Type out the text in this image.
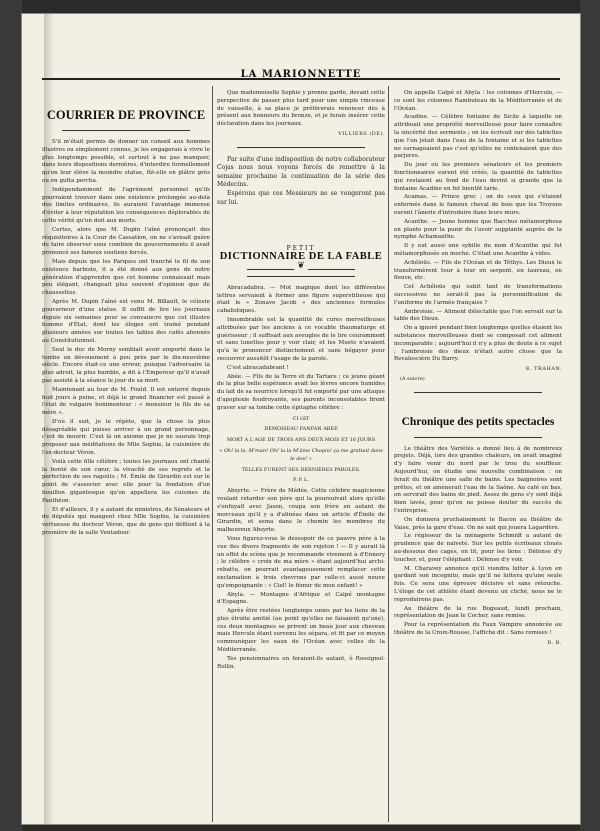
LA MARIONNETTE
COURRIER DE PROVINCE

S'il m'était permis de donner un conseil aux hommes illustres ou simplement connus, je les engagerais à vivre le plus longtemps possible, et surtout à ne pas manquer, dans leurs dispositions dernières, d'interdire formellement qu'on leur élève la moindre statue, fût-elle en plâtre grès ou en gutta percha.

Indépendamment de l'agrément personnel qu'ils pourraient trouver dans une existence prolongée au-delà des limites ordinaires, ils auraient l'avantage immense d'éviter à leur réputation les conséquences déplorables de cette vérité qu'on doit aux morts.

Certes, alors que M. Dupin l'aîné prononçait des réquisitoires à la Cour de Cassation, on ne s'avisait guère de faire observer sous combien de gouvernements il avait prononcé ses fameux soutiens forcés.

Mais depuis que les Parques ont tranché le fil de son existence barbiste, il a été donné aux gens de notre génération d'apprendre que cet homme connaissait mais peu élégant, changeait plus souvent d'opinion que de chaussettes.

Après M. Dupin l'aîné est venu M. Billault, le céleste gouverneur d'une statue. Il suffit de lire les journaux depuis six semaines pour se convaincre que cet illustre homme d'État, dont les éloges ont trainé pendant plusieurs années sur toutes les tables des cafés abonnés au Constitutionnel.

Seul le duc de Morny semblait avoir emporté dans la tombe un dévouement à peu près par le dix-neuvième siècle. Encore était-ce une erreur, puisque l'adversaire la plus adroit, la plus humble, a dit à l'Empereur qu'il n'avait pas assisté à la séance le jour de sa mort.

Maintenant au tour de M. Fould. Il est enterré depuis huit jours à peine, et déjà le grand financier est passé à l'état de vulgaire bonimenteur : « monsieur le fils de sa mère ».

D'où il suit, je le répète, que la chose la plus désagréable qui puisse arriver à un grand personnage, c'est de mourir. C'est là un axiome que je ne saurais trop proposer aux méditations de Mlle Sophie, la cuisinière de l'ex-docteur Véron.

Voilà cette fille célèbre ; toutes les journaux ont chanté la bonté de son cœur, la vivacité de ses regrets et la perfection de ses ragoûts ; M. Émile de Girardin est sur le point de s'associer avec elle pour la fondation d'un bouillon gigantesque qu'on appellera les cuisines du Panthéon.

Et d'ailleurs, il y a autant de ministres, de Sénateurs et de députés qui mangent chez Mlle Sophie, la cuisinière vertueuse du docteur Véron, que de gens qui défilent à la première de la salle Ventadour.

Que mademoiselle Sophie y prenne garde, devant cette perspective de passer plus tard pour une simple rinceuse de vaisselle, à sa place je préférerais renoncer dès à présent aux honneurs du bronze, et je ferais insérer cette déclaration dans les journaux.

VILLIERS (DE).

Par suite d'une indisposition de notre collaborateur Cojas nous nous voyons forcés de remettre à la semaine prochaine la continuation de la série des Médecins.

Espérons que ces Messieurs ne se vengeront pas sur lui.

PETIT
DICTIONNAIRE DE LA FABLE
❦

Abracadabra. — Mot magique dont les différentes lettres servaient à former une figure superstitieuse qui était le « Zonave Jacob » des anciennes formules cabalistiques.

Innombrable est la quantité de cures merveilleuses attribuées par les anciens à ce vocable thaumaturge et guérisseur ; il suffisait aux aveugles de le lire couramment et sans lunettes pour y voir clair, et les Muets n'avaient qu'à le prononcer distinctement et sans bégayer pour recouvrer aussitôt l'usage de la parole.

C'est abracadabrant !

Abée. — Fils de la Terre et du Tartare ; ce jeune géant de la plus belle espérance avait les lèvres encore humides du lait de sa nourrice lorsqu'il fut emporté par une attaque d'apoplexie foudroyante, ses parents inconsolables firent graver sur sa tombe cette épitaphe célèbre :

CI GIT
DEMOISEAU FANFAN ABÉE
MORT A L'AGE DE TROIS ANS DEUX MOIS ET 16 JOURS
« Oh! la la, M'man! Oh! la la M'âme Chopin! ça me grattait dans le dos! »
TELLES FURENT SES DERNIÈRES PAROLES.
P. P. L.

Absyrte. — Frère de Médée. Cette célèbre magicienne voulant retarder son père qui la poursuivait alors qu'elle s'enfuyait avec Jason, coupa son frère en autant de morceaux qu'il y a d'alinéas dans un article d'Émile de Girardin, et sema dans le chemin les membres du malheureux Absyrte.

Vous figurez-vous le désespoir de ce pauvre père à la vue des divers fragments de son rejeton ! — Il y aurait là un effet de scène que je recommande vivement à d'Ennery ; le célèbre « croix de ma mère » étant aujourd'hui archi-rebattu, on pourrait avantageusement remplacer cette exclamation à trois chevrons par celle-ci aussi neuve qu'empoignante : « Ciel! le fémur de mon enfant! »

Abyla. — Montagne d'Afrique et Calpé montagne d'Espagne.

Après être restées longtemps unies par les liens de la plus étroite amitié (au point qu'elles ne faisaient qu'une), ces deux montagnes se prirent un beau jour aux cheveux mais Hercule étant survenu les sépara, et fit par ce moyen communiquer les eaux de l'Océan avec celles de la Méditerranée.

Tes pensionnaires en feraient-ils autant, ô Rossignol-Rollin.

On appelle Calpé et Abyla : les colonnes d'Hercule, — ce sont les colonnes Rambuteau de la Méditerranée et de l'Océan.

Acadine. — Célèbre fontaine de Sicile à laquelle on attribuait une propriété merveilleuse pour faire connaître la sincérité des serments ; on les écrivait sur des tablettes que l'on jetait dans l'eau de la fontaine et si les tablettes ne surnageaient pas c'est qu'elles ne contenaient que des parjures.

Du jour où les premiers sénateurs et les premiers fonctionnaires eurent été créés, la quantité de tablettes qui restaient au fond de l'eau devint si grande que la fontaine Acadine en fut bientôt tarie.

Acamas. — Prince grec ; on de ceux qui s'étaient enfermés dans le fameux cheval de bois que les Troyens eurent l'ânerie d'introduire dans leurs murs.

Acanthe. — Jeune homme que Bacchus métamorphosa en plante pour la punir de l'avoir supplanté auprès de la nymphe Achamanthe.

Il y eut aussi une sybille du nom d'Acanthe qui fut métamorphosée en moche. C'était une Acanthe à vides.

Achéloüs. — Fils de l'Océan et de Téthys. Les Dieux le transformèrent tour à tour en serpent, en taureau, en fleuve, etc.

Cet Achéloüs qui subit tant de transformations successives ne serait-il pas la personnification de l'uniforme de l'armée française ?

Ambroisie. — Aliment délectable que l'on servait sur la table des Dieux.

On a ignoré pendant bien longtemps quelles étaient les substances merveilleuses dont se composait cet aliment incomparable ; aujourd'hui il n'y a plus de doute à ce sujet ; l'ambroisie des dieux n'était autre chose que la Revalescière Du Barry.

E. TRAHAN.
(A suivre)
Chronique des petits spectacles

Le théâtre des Variétés a donné lieu à de nombreux projets. Déjà, lors des grandes chaleurs, on avait imaginé d'y faire venir du nord par le trou du souffleur. Aujourd'hui, on étudie une nouvelle combinaison : on ferait du théâtre une salle de bains. Les baignoires sont prêtes, et on amènerait l'eau de la Saône. Au café en bas, on servirait des bains de pied. Assez de gens s'y sont déjà bien lavés, pour qu'on ne puisse douter du succès de l'entreprise.

On donnera prochainement le Bacon au théâtre de Vaise, près la gare d'eau. On ne sait qui jouera Lagardère.

Le régisseur de la ménagerie Schmidt a autant de prudence que de naïveté. Sur les petits écriteaux cloués au-dessous des cages, on lit, pour les lions : Défense d'y toucher, et, pour l'éléphant : Défense d'y voir.

M. Charavey annonce qu'il viendra lutter à Lyon en gardant son incognito, mais qu'il ne luttera qu'une seule fois. Ce sera une épreuve décisive et sans retouche. L'éloge de cet athlète étant devenu un cliché, nous ne le reproduirons pas.

Au théâtre de la rue Bugeaud, lundi prochain, représentation de Jean le Cocher, sans remise.

Pour la représentation du Faux Vampire annoncée au théâtre de la Croix-Rousse, l'affiche dit : Sans remises !

D. B.
